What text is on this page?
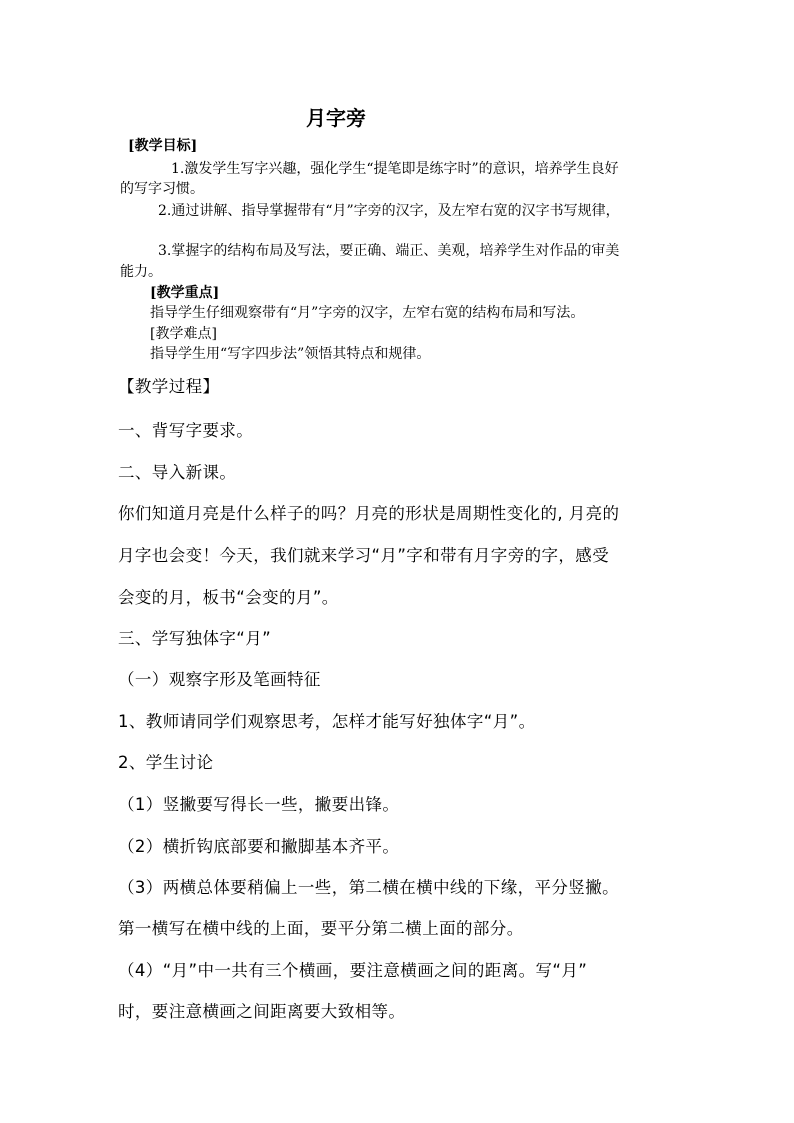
月字旁
[教学目标]
1.激发学生写字兴趣，强化学生“提笔即是练字时”的意识，培养学生良好
的写字习惯。
2.通过讲解、指导掌握带有“月”字旁的汉字，及左窄右宽的汉字书写规律，
3.掌握字的结构布局及写法，要正确、端正、美观，培养学生对作品的审美
能力。
[教学重点]
指导学生仔细观察带有“月”字旁的汉字，左窄右宽的结构布局和写法。
[教学难点]
指导学生用“写字四步法”领悟其特点和规律。
【教学过程】
一、背写字要求。
二、导入新课。
你们知道月亮是什么样子的吗？月亮的形状是周期性变化的, 月亮的
月字也会变！今天，我们就来学习“月”字和带有月字旁的字，感受
会变的月，板书“会变的月”。
三、学写独体字“月”
（一）观察字形及笔画特征
1、教师请同学们观察思考，怎样才能写好独体字“月”。
2、学生讨论
（1）竖撇要写得长一些，撇要出锋。
（2）横折钩底部要和撇脚基本齐平。
（3）两横总体要稍偏上一些，第二横在横中线的下缘，平分竖撇。
第一横写在横中线的上面，要平分第二横上面的部分。
（4）“月”中一共有三个横画，要注意横画之间的距离。写“月”
时，要注意横画之间距离要大致相等。
